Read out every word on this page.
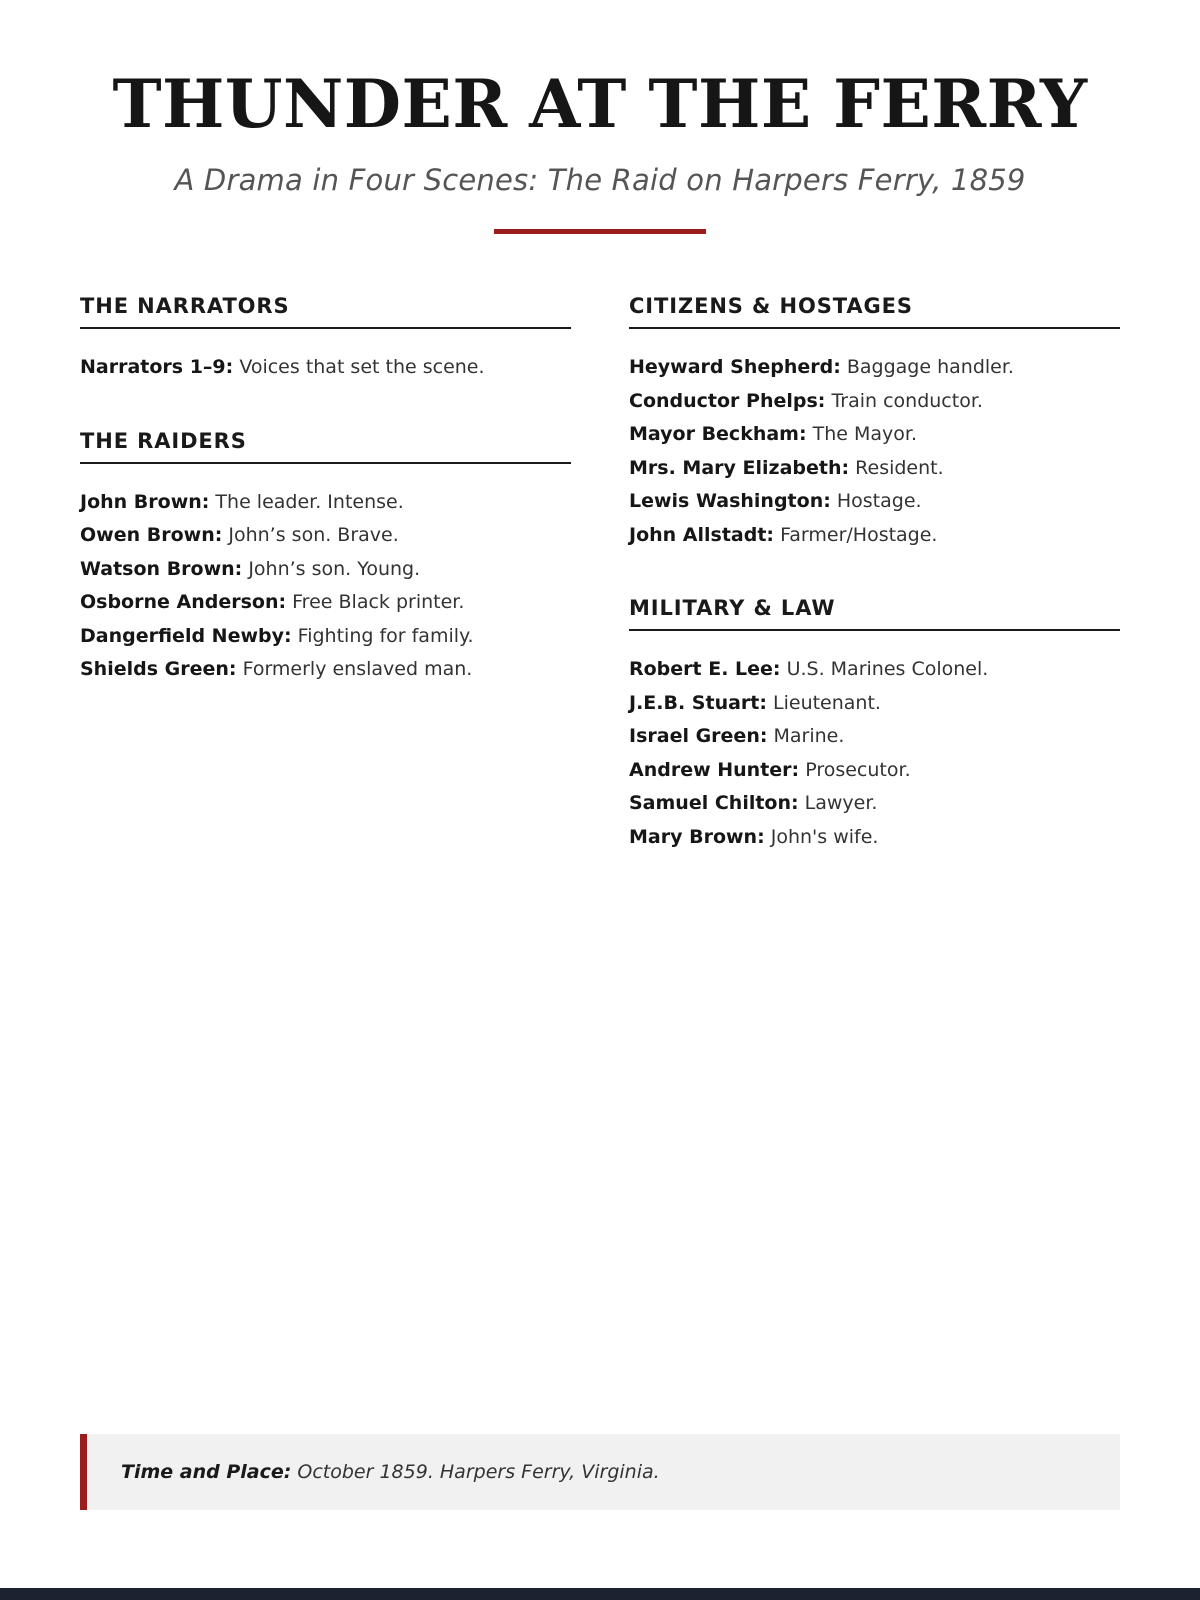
THUNDER AT THE FERRY
A Drama in Four Scenes: The Raid on Harpers Ferry, 1859
THE NARRATORS
Narrators 1–9: Voices that set the scene.
THE RAIDERS
John Brown: The leader. Intense.
Owen Brown: John’s son. Brave.
Watson Brown: John’s son. Young.
Osborne Anderson: Free Black printer.
Dangerfield Newby: Fighting for family.
Shields Green: Formerly enslaved man.
CITIZENS & HOSTAGES
Heyward Shepherd: Baggage handler.
Conductor Phelps: Train conductor.
Mayor Beckham: The Mayor.
Mrs. Mary Elizabeth: Resident.
Lewis Washington: Hostage.
John Allstadt: Farmer/Hostage.
MILITARY & LAW
Robert E. Lee: U.S. Marines Colonel.
J.E.B. Stuart: Lieutenant.
Israel Green: Marine.
Andrew Hunter: Prosecutor.
Samuel Chilton: Lawyer.
Mary Brown: John's wife.

Time and Place: October 1859. Harpers Ferry, Virginia.
